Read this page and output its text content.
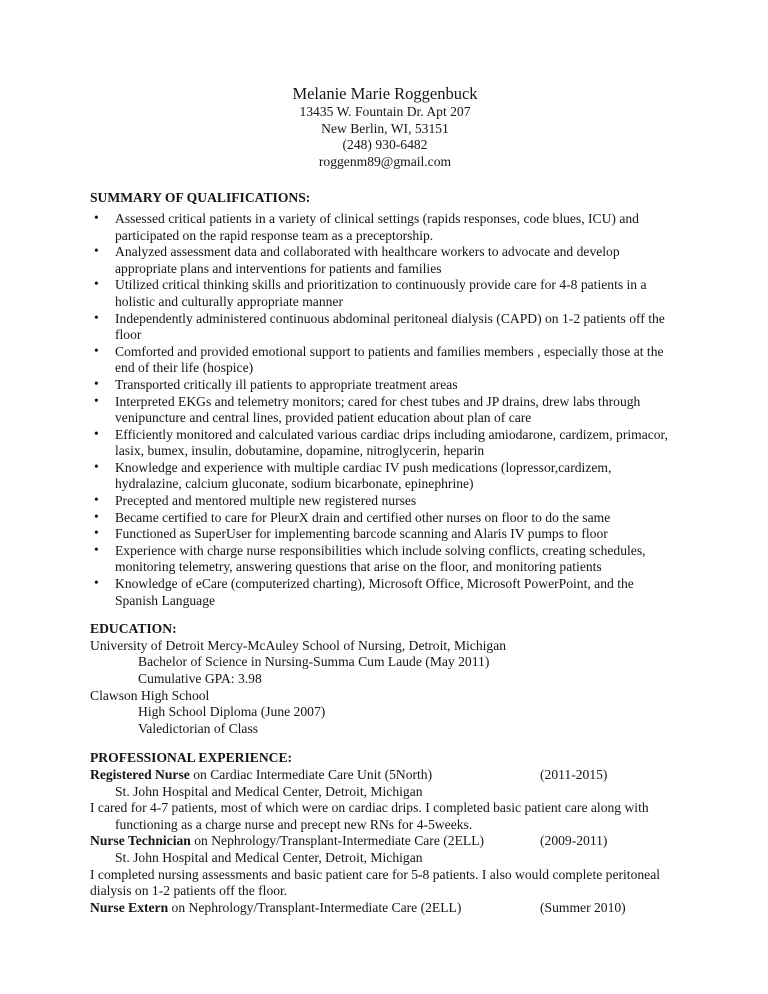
Melanie Marie Roggenbuck
13435 W. Fountain Dr. Apt 207
New Berlin, WI, 53151
(248) 930-6482
roggenm89@gmail.com
SUMMARY OF QUALIFICATIONS:
• Assessed critical patients in a variety of clinical settings (rapids responses, code blues, ICU) and participated on the rapid response team as a preceptorship.
• Analyzed assessment data and collaborated with healthcare workers to advocate and develop appropriate plans and interventions for patients and families
• Utilized critical thinking skills and prioritization to continuously provide care for 4-8 patients in a holistic and culturally appropriate manner
• Independently administered continuous abdominal peritoneal dialysis (CAPD) on 1-2 patients off the floor
• Comforted and provided emotional support to patients and families members , especially those at the end of their life (hospice)
• Transported critically ill patients to appropriate treatment areas
• Interpreted EKGs and telemetry monitors; cared for chest tubes and JP drains, drew labs through venipuncture and central lines, provided patient education about plan of care
• Efficiently monitored and calculated various cardiac drips including amiodarone, cardizem, primacor, lasix, bumex, insulin, dobutamine, dopamine, nitroglycerin, heparin
• Knowledge and experience with multiple cardiac IV push medications (lopressor,cardizem, hydralazine, calcium gluconate, sodium bicarbonate, epinephrine)
• Precepted and mentored multiple new registered nurses
• Became certified to care for PleurX drain and certified other nurses on floor to do the same
• Functioned as SuperUser for implementing barcode scanning and Alaris IV pumps to floor
• Experience with charge nurse responsibilities which include solving conflicts, creating schedules, monitoring telemetry, answering questions that arise on the floor, and monitoring patients
• Knowledge of eCare (computerized charting), Microsoft Office, Microsoft PowerPoint, and the Spanish Language
EDUCATION:
University of Detroit Mercy-McAuley School of Nursing, Detroit, Michigan
Bachelor of Science in Nursing-Summa Cum Laude (May 2011)
Cumulative GPA: 3.98
Clawson High School
High School Diploma (June 2007)
Valedictorian of Class
PROFESSIONAL EXPERIENCE:
Registered Nurse on Cardiac Intermediate Care Unit (5North)	(2011-2015)
St. John Hospital and Medical Center, Detroit, Michigan

I cared for 4-7 patients, most of which were on cardiac drips. I completed basic patient care along with functioning as a charge nurse and precept new RNs for 4-5weeks.

Nurse Technician on Nephrology/Transplant-Intermediate Care (2ELL)	(2009-2011)
St. John Hospital and Medical Center, Detroit, Michigan

I completed nursing assessments and basic patient care for 5-8 patients. I also would complete peritoneal dialysis on 1-2 patients off the floor.

Nurse Extern on Nephrology/Transplant-Intermediate Care (2ELL)	(Summer 2010)
